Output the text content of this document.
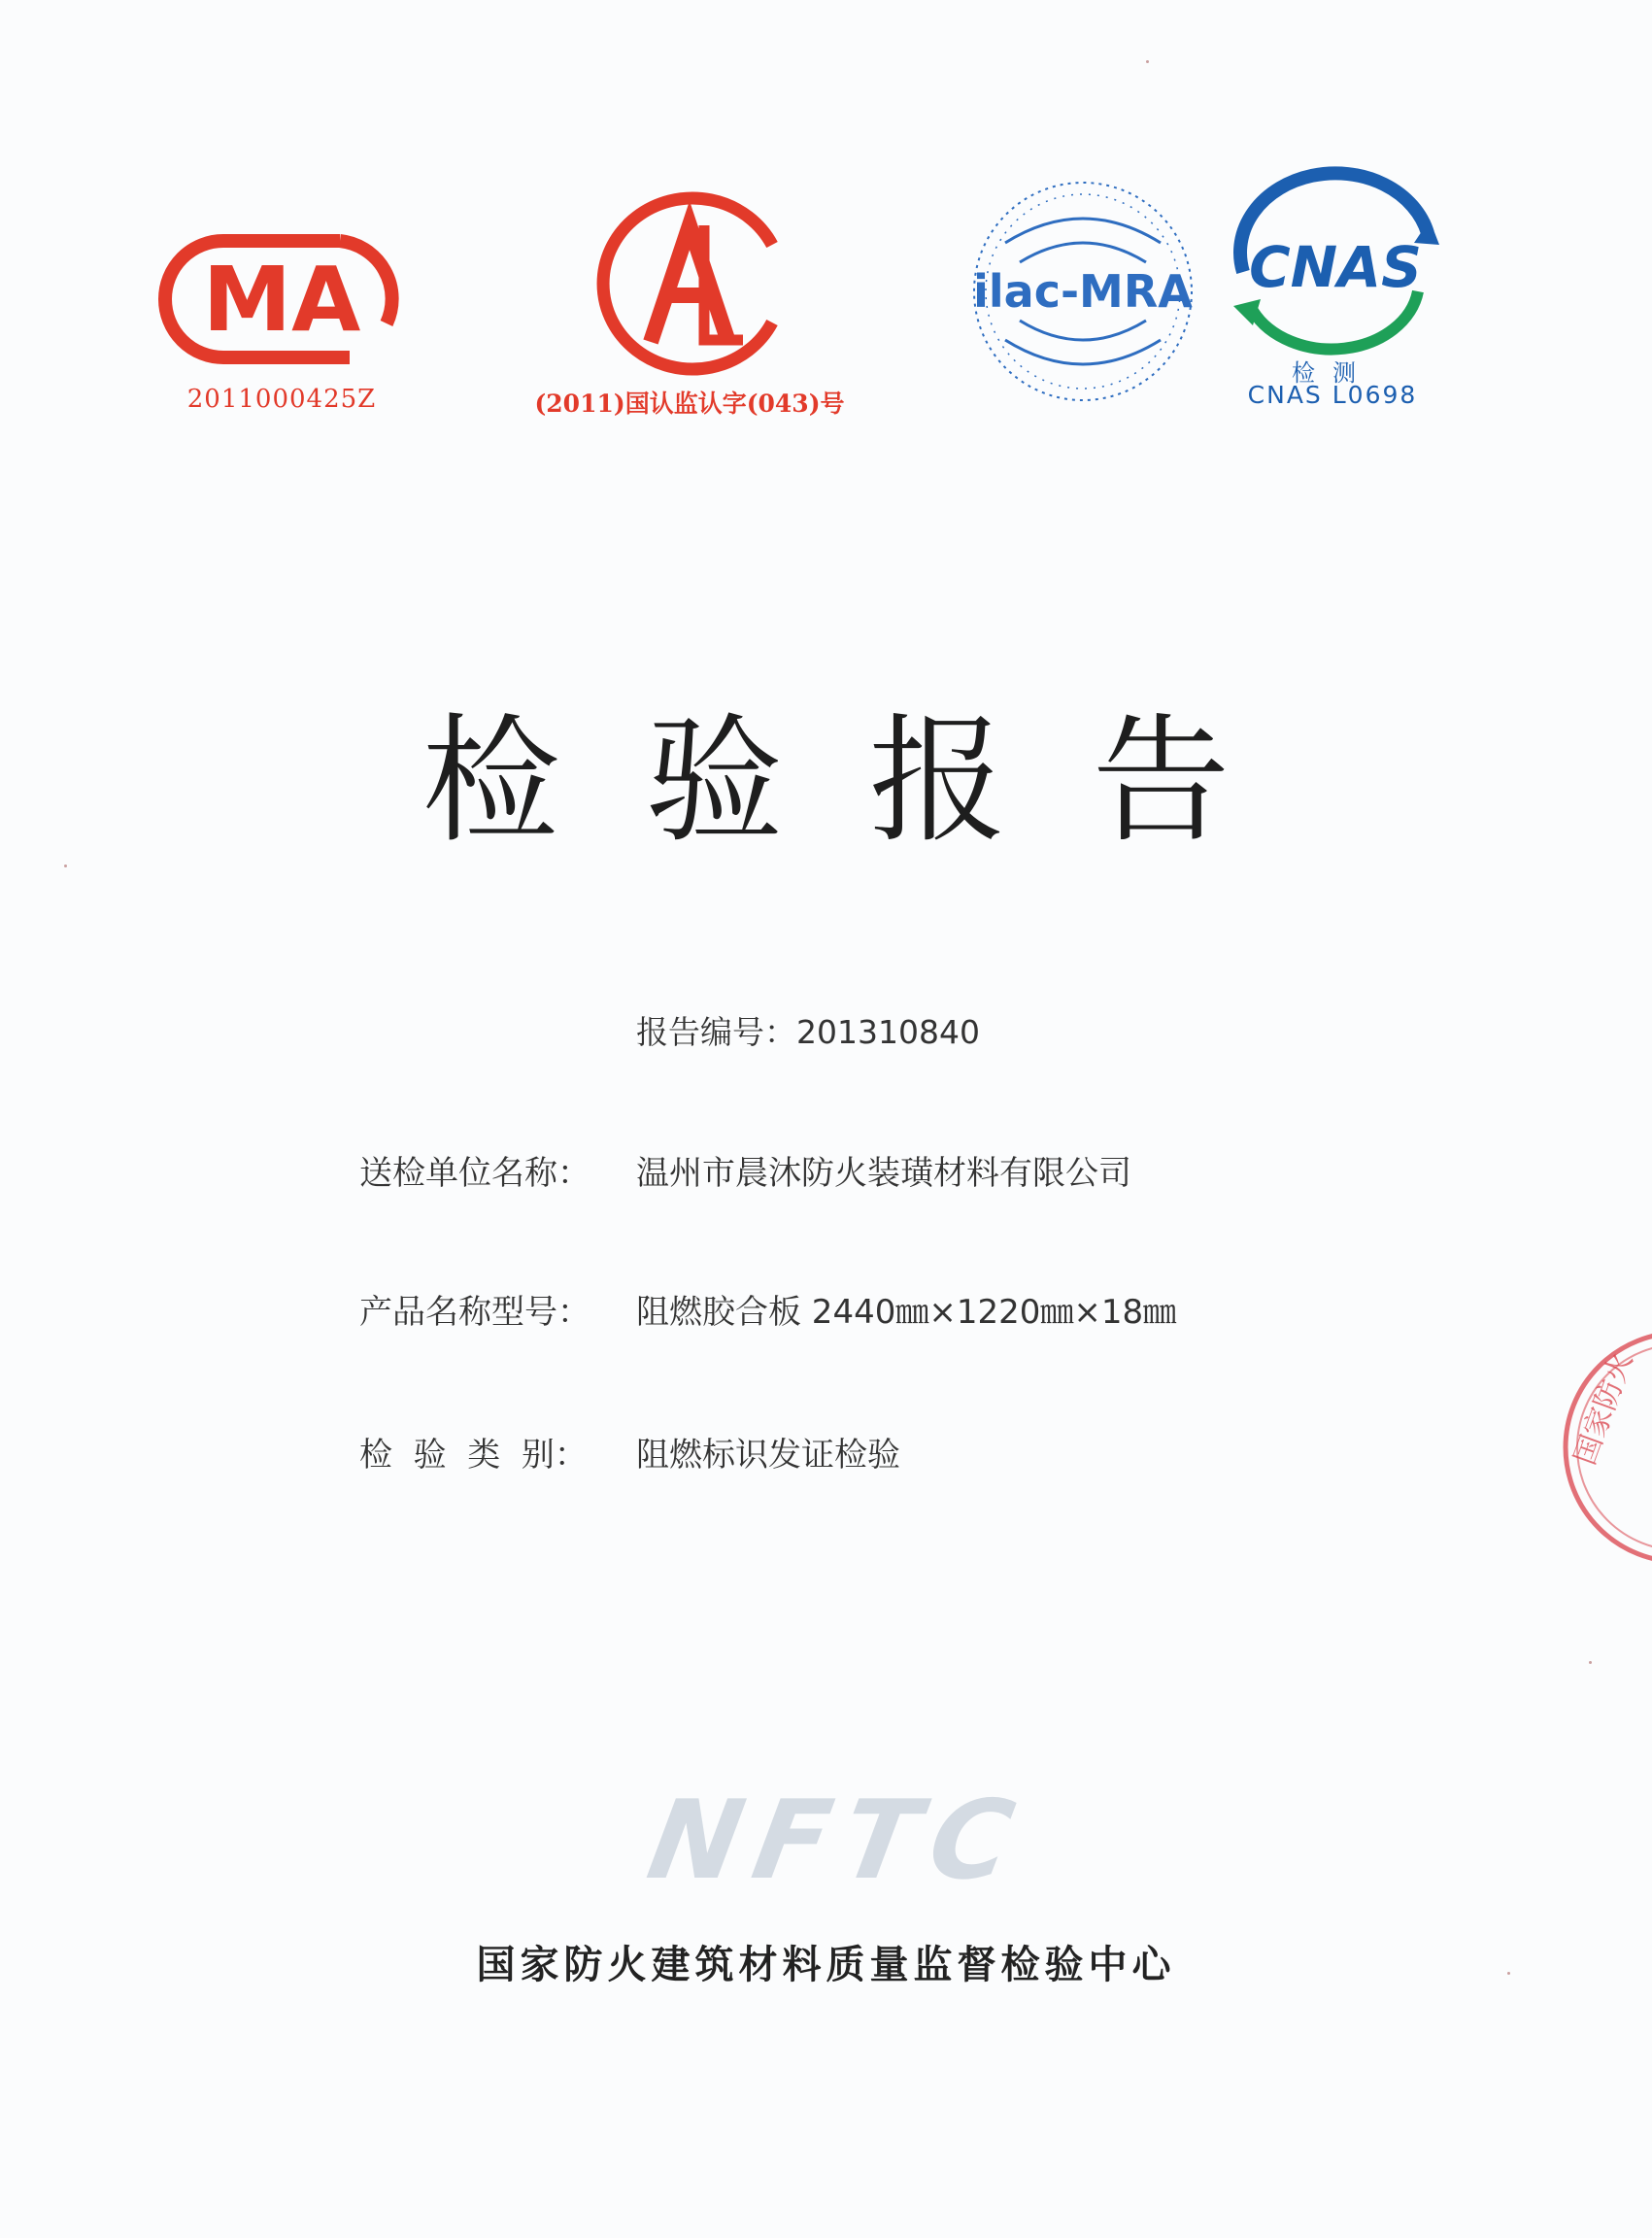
MA
2011000425Z
CAL
(2011)国认监认字(043)号
ilac-MRA CNAS
检测
CNAS L0698
检验报告
报告编号：201310840
送检单位名称： 温州市晨沐防火装璜材料有限公司
产品名称型号： 阻燃胶合板 2440㎜×1220㎜×18㎜
检  验  类  别： 阻燃标识发证检验
NFTC
国家防火建筑材料质量监督检验中心
国家防火
